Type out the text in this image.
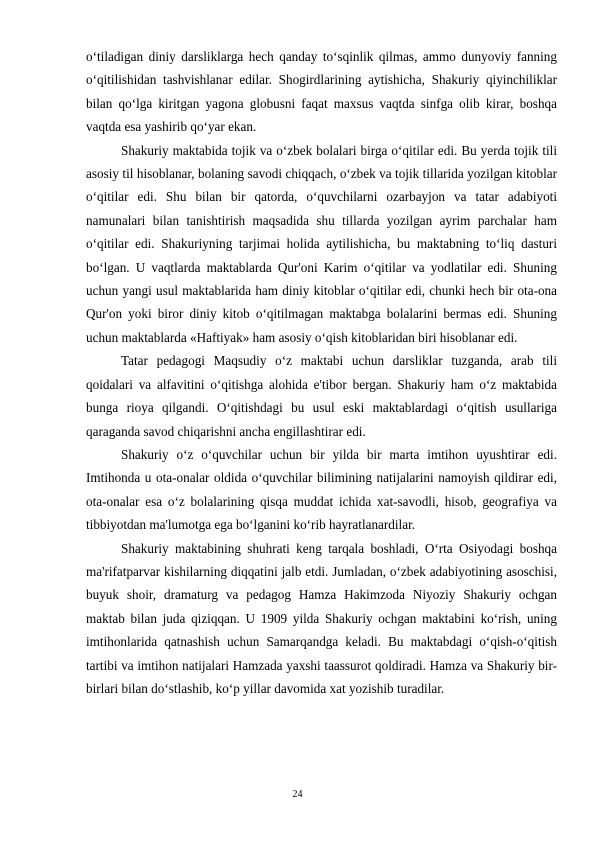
o‘tiladigan diniy darsliklarga hech qanday to‘sqinlik qilmas, ammo dunyoviy fanning o‘qitilishidan tashvishlanar edilar. Shogirdlarining aytishicha, Shakuriy qiyinchiliklar bilan qo‘lga kiritgan yagona globusni faqat maxsus vaqtda sinfga olib kirar, boshqa vaqtda esa yashirib qo‘yar ekan.

Shakuriy maktabida tojik va o‘zbek bolalari birga o‘qitilar edi. Bu yerda tojik tili asosiy til hisoblanar, bolaning savodi chiqqach, o‘zbek va tojik tillarida yozilgan kitoblar o‘qitilar edi. Shu bilan bir qatorda, o‘quvchilarni ozarbayjon va tatar adabiyoti namunalari bilan tanishtirish maqsadida shu tillarda yozilgan ayrim parchalar ham o‘qitilar edi. Shakuriyning tarjimai holida aytilishicha, bu maktabning to‘liq dasturi bo‘lgan. U vaqtlarda maktablarda Qur'oni Karim o‘qitilar va yodlatilar edi. Shuning uchun yangi usul maktablarida ham diniy kitoblar o‘qitilar edi, chunki hech bir ota-ona Qur'on yoki biror diniy kitob o‘qitilmagan maktabga bolalarini bermas edi. Shuning uchun maktablarda «Haftiyak» ham asosiy o‘qish kitoblaridan biri hisoblanar edi.

Tatar pedagogi Maqsudiy o‘z maktabi uchun darsliklar tuzganda, arab tili qoidalari va alfavitini o‘qitishga alohida e'tibor bergan. Shakuriy ham o‘z maktabida bunga rioya qilgandi. O‘qitishdagi bu usul eski maktablardagi o‘qitish usullariga qaraganda savod chiqarishni ancha engillashtirar edi.

Shakuriy o‘z o‘quvchilar uchun bir yilda bir marta imtihon uyushtirar edi. Imtihonda u ota-onalar oldida o‘quvchilar bilimining natijalarini namoyish qildirar edi, ota-onalar esa o‘z bolalarining qisqa muddat ichida xat-savodli, hisob, geografiya va tibbiyotdan ma'lumotga ega bo‘lganini ko‘rib hayratlanardilar.

Shakuriy maktabining shuhrati keng tarqala boshladi, O‘rta Osiyodagi boshqa ma'rifatparvar kishilarning diqqatini jalb etdi. Jumladan, o‘zbek adabiyotining asoschisi, buyuk shoir, dramaturg va pedagog Hamza Hakimzoda Niyoziy Shakuriy ochgan maktab bilan juda qiziqqan. U 1909 yilda Shakuriy ochgan maktabini ko‘rish, uning imtihonlarida qatnashish uchun Samarqandga keladi. Bu maktabdagi o‘qish-o‘qitish tartibi va imtihon natijalari Hamzada yaxshi taassurot qoldiradi. Hamza va Shakuriy bir-birlari bilan do‘stlashib, ko‘p yillar davomida xat yozishib turadilar.

24
